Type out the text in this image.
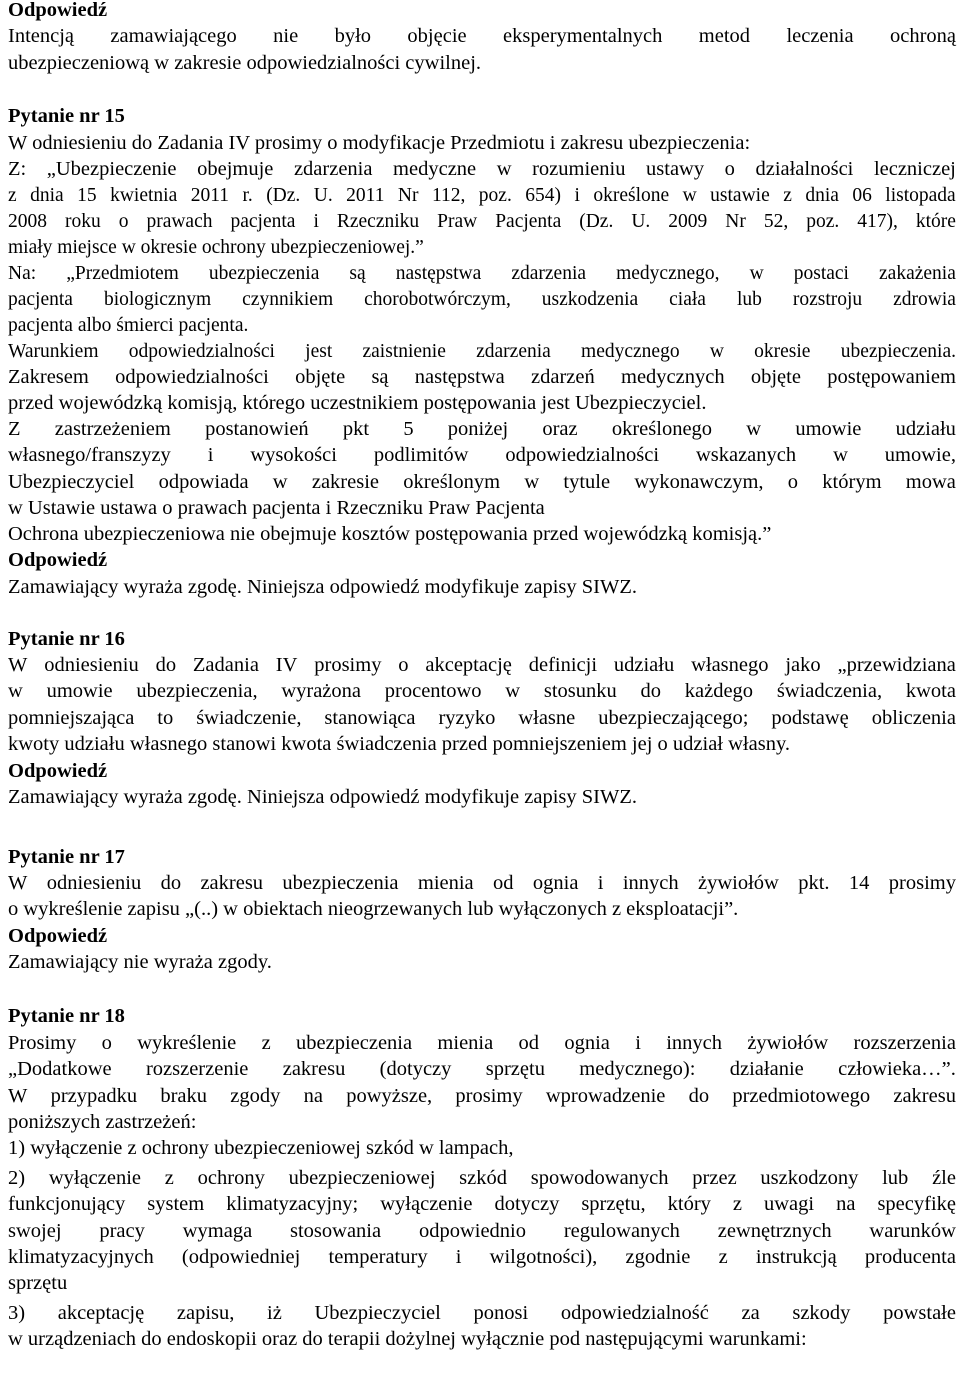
Odpowiedź
Intencją zamawiającego nie było objęcie eksperymentalnych metod leczenia ochroną
ubezpieczeniową w zakresie odpowiedzialności cywilnej.
Pytanie nr 15
W odniesieniu do Zadania IV prosimy o modyfikacje Przedmiotu i zakresu ubezpieczenia:
Z: „Ubezpieczenie obejmuje zdarzenia medyczne w rozumieniu ustawy o działalności leczniczej
z dnia 15 kwietnia 2011 r. (Dz. U. 2011 Nr 112, poz. 654) i określone w ustawie z dnia 06 listopada
2008 roku o prawach pacjenta i Rzeczniku Praw Pacjenta (Dz. U. 2009 Nr 52, poz. 417), które
miały miejsce w okresie ochrony ubezpieczeniowej.”
Na: „Przedmiotem ubezpieczenia są następstwa zdarzenia medycznego, w postaci zakażenia
pacjenta biologicznym czynnikiem chorobotwórczym, uszkodzenia ciała lub rozstroju zdrowia
pacjenta albo śmierci pacjenta.
Warunkiem odpowiedzialności jest zaistnienie zdarzenia medycznego w okresie ubezpieczenia.
Zakresem odpowiedzialności objęte są następstwa zdarzeń medycznych objęte postępowaniem
przed wojewódzką komisją, którego uczestnikiem postępowania jest Ubezpieczyciel.
Z zastrzeżeniem postanowień pkt 5 poniżej oraz określonego w umowie udziału
własnego/franszyzy i wysokości podlimitów odpowiedzialności wskazanych w umowie,
Ubezpieczyciel odpowiada w zakresie określonym w tytule wykonawczym, o którym mowa
w Ustawie ustawa o prawach pacjenta i Rzeczniku Praw Pacjenta
Ochrona ubezpieczeniowa nie obejmuje kosztów postępowania przed wojewódzką komisją.”
Odpowiedź
Zamawiający wyraża zgodę. Niniejsza odpowiedź modyfikuje zapisy SIWZ.
Pytanie nr 16
W odniesieniu do Zadania IV prosimy o akceptację definicji udziału własnego jako „przewidziana
w umowie ubezpieczenia, wyrażona procentowo w stosunku do każdego świadczenia, kwota
pomniejszająca to świadczenie, stanowiąca ryzyko własne ubezpieczającego; podstawę obliczenia
kwoty udziału własnego stanowi kwota świadczenia przed pomniejszeniem jej o udział własny.
Odpowiedź
Zamawiający wyraża zgodę. Niniejsza odpowiedź modyfikuje zapisy SIWZ.
Pytanie nr 17
W odniesieniu do zakresu ubezpieczenia mienia od ognia i innych żywiołów pkt. 14 prosimy
o wykreślenie zapisu „(..) w obiektach nieogrzewanych lub wyłączonych z eksploatacji”.
Odpowiedź
Zamawiający nie wyraża zgody.
Pytanie nr 18
Prosimy o wykreślenie z ubezpieczenia mienia od ognia i innych żywiołów rozszerzenia
„Dodatkowe rozszerzenie zakresu (dotyczy sprzętu medycznego): działanie człowieka…”.
W przypadku braku zgody na powyższe, prosimy wprowadzenie do przedmiotowego zakresu
poniższych zastrzeżeń:
1) wyłączenie z ochrony ubezpieczeniowej szkód w lampach,
2) wyłączenie z ochrony ubezpieczeniowej szkód spowodowanych przez uszkodzony lub źle
funkcjonujący system klimatyzacyjny; wyłączenie dotyczy sprzętu, który z uwagi na specyfikę
swojej pracy wymaga stosowania odpowiednio regulowanych zewnętrznych warunków
klimatyzacyjnych (odpowiedniej temperatury i wilgotności), zgodnie z instrukcją producenta
sprzętu
3) akceptację zapisu, iż Ubezpieczyciel ponosi odpowiedzialność za szkody powstałe
w urządzeniach do endoskopii oraz do terapii dożylnej wyłącznie pod następującymi warunkami:
